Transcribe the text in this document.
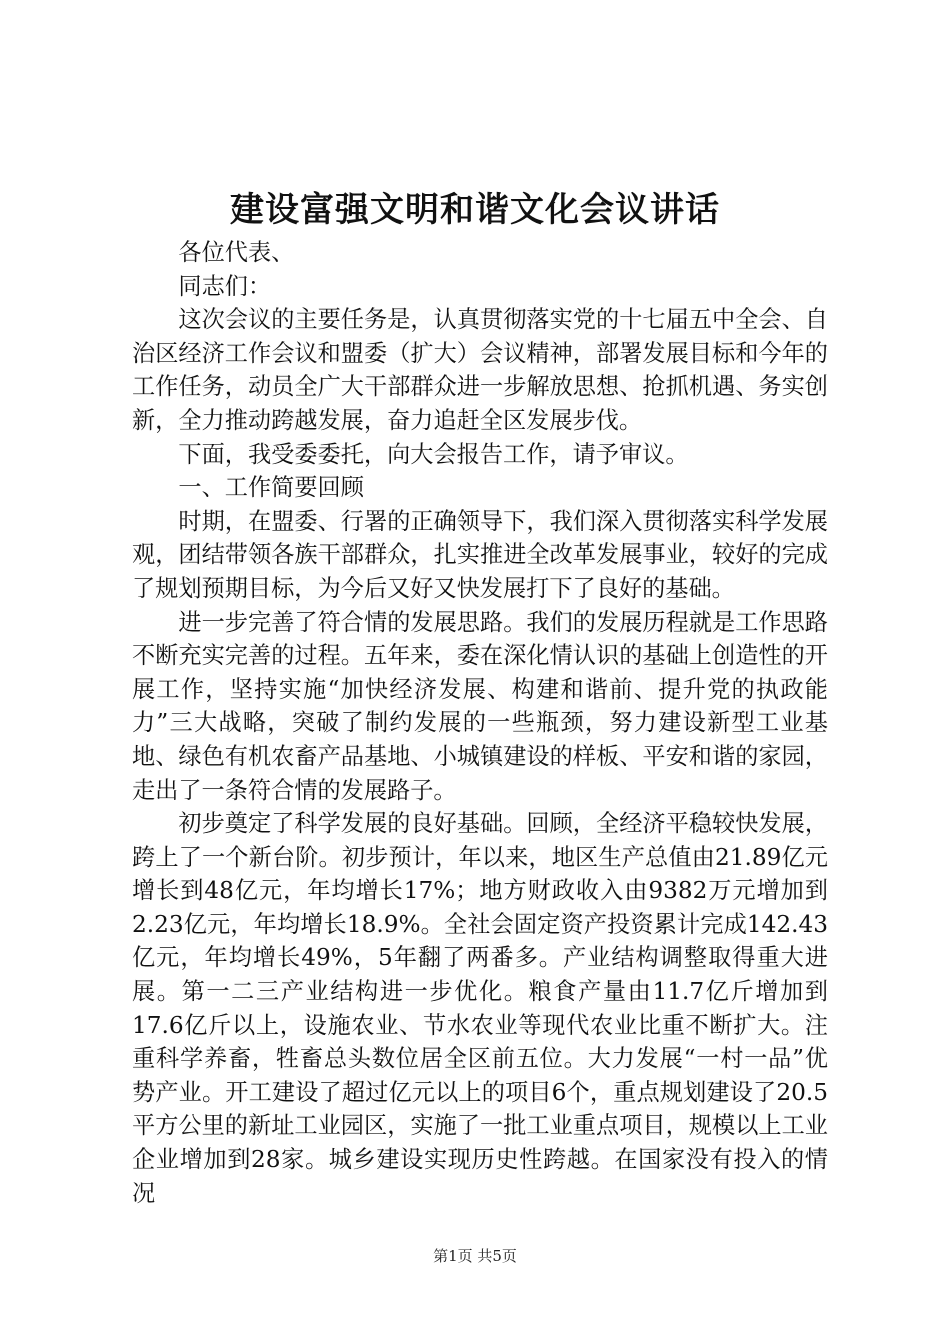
建设富强文明和谐文化会议讲话

各位代表、

同志们：

这次会议的主要任务是，认真贯彻落实党的十七届五中全会、自治区经济工作会议和盟委（扩大）会议精神，部署发展目标和今年的工作任务，动员全广大干部群众进一步解放思想、抢抓机遇、务实创新，全力推动跨越发展，奋力追赶全区发展步伐。

下面，我受委委托，向大会报告工作，请予审议。

一、工作简要回顾

时期，在盟委、行署的正确领导下，我们深入贯彻落实科学发展观，团结带领各族干部群众，扎实推进全改革发展事业，较好的完成了规划预期目标，为今后又好又快发展打下了良好的基础。

进一步完善了符合情的发展思路。我们的发展历程就是工作思路不断充实完善的过程。五年来，委在深化情认识的基础上创造性的开展工作，坚持实施“加快经济发展、构建和谐前、提升党的执政能力”三大战略，突破了制约发展的一些瓶颈，努力建设新型工业基地、绿色有机农畜产品基地、小城镇建设的样板、平安和谐的家园，走出了一条符合情的发展路子。

初步奠定了科学发展的良好基础。回顾，全经济平稳较快发展，跨上了一个新台阶。初步预计，年以来，地区生产总值由21.89亿元增长到48亿元，年均增长17%；地方财政收入由9382万元增加到2.23亿元，年均增长18.9%。全社会固定资产投资累计完成142.43亿元，年均增长49%，5年翻了两番多。产业结构调整取得重大进展。第一二三产业结构进一步优化。粮食产量由11.7亿斤增加到17.6亿斤以上，设施农业、节水农业等现代农业比重不断扩大。注重科学养畜，牲畜总头数位居全区前五位。大力发展“一村一品”优势产业。开工建设了超过亿元以上的项目6个，重点规划建设了20.5平方公里的新址工业园区，实施了一批工业重点项目，规模以上工业企业增加到28家。城乡建设实现历史性跨越。在国家没有投入的情况

第1页 共5页
